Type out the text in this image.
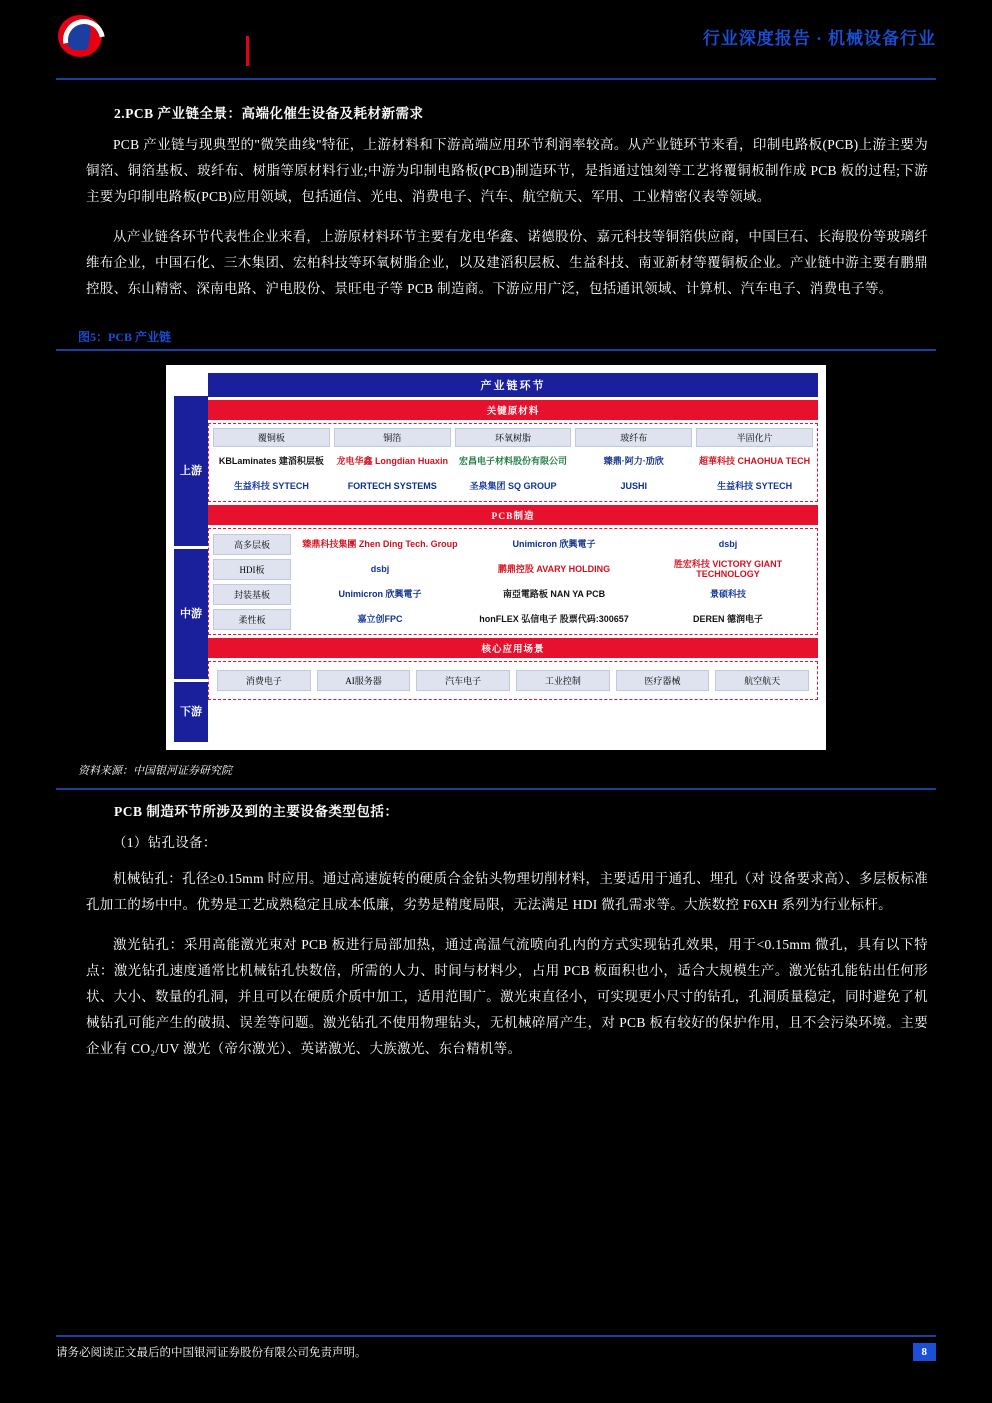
行业深度报告 · 机械设备行业
2.PCB 产业链全景：高端化催生设备及耗材新需求

PCB 产业链与现典型的"微笑曲线"特征，上游材料和下游高端应用环节利润率较高。从产业链环节来看，印制电路板(PCB)上游主要为铜箔、铜箔基板、玻纤布、树脂等原材料行业;中游为印制电路板(PCB)制造环节，是指通过蚀刻等工艺将覆铜板制作成 PCB 板的过程;下游主要为印制电路板(PCB)应用领域，包括通信、光电、消费电子、汽车、航空航天、军用、工业精密仪表等领域。

从产业链各环节代表性企业来看，上游原材料环节主要有龙电华鑫、诺德股份、嘉元科技等铜箔供应商，中国巨石、长海股份等玻璃纤维布企业，中国石化、三木集团、宏柏科技等环氧树脂企业，以及建滔积层板、生益科技、南亚新材等覆铜板企业。产业链中游主要有鹏鼎控股、东山精密、深南电路、沪电股份、景旺电子等 PCB 制造商。下游应用广泛，包括通讯领域、计算机、汽车电子、消费电子等。

图5：PCB 产业链
上游
中游
下游
产业链环节
关键原材料
覆铜板	铜箔	环氧树脂	玻纤布	半固化片
KBLaminates 建滔积层板	龙电华鑫 Longdian Huaxin	宏昌电子材料股份有限公司	臻鼎·阿力·劢欣	超華科技 CHAOHUA TECH
生益科技 SYTECH	FORTECH SYSTEMS	圣泉集团 SQ GROUP	JUSHI	生益科技 SYTECH
PCB制造
高多层板	臻鼎科技集團 Zhen Ding Tech. Group	Unimicron 欣興電子	dsbj
HDI板	dsbj	鹏鼎控股 AVARY HOLDING	胜宏科技 VICTORY GIANT TECHNOLOGY
封装基板	Unimicron 欣興電子	南亞電路板 NAN YA PCB	景硕科技
柔性板	嘉立创FPC	honFLEX 弘信电子 股票代码:300657	DEREN 德润电子
核心应用场景
消费电子	AI服务器	汽车电子	工业控制	医疗器械	航空航天
资料来源：中国银河证券研究院
PCB 制造环节所涉及到的主要设备类型包括：

（1）钻孔设备：

机械钻孔：孔径≥0.15mm 时应用。通过高速旋转的硬质合金钻头物理切削材料，主要适用于通孔、埋孔（对 设备要求高）、多层板标准孔加工的场中中。优势是工艺成熟稳定且成本低廉，劣势是精度局限，无法满足 HDI 微孔需求等。大族数控 F6XH 系列为行业标杆。

激光钻孔：采用高能激光束对 PCB 板进行局部加热，通过高温气流喷向孔内的方式实现钻孔效果，用于<0.15mm 微孔，具有以下特点：激光钻孔速度通常比机械钻孔快数倍，所需的人力、时间与材料少，占用 PCB 板面积也小，适合大规模生产。激光钻孔能钻出任何形状、大小、数量的孔洞，并且可以在硬质介质中加工，适用范围广。激光束直径小，可实现更小尺寸的钻孔，孔洞质量稳定，同时避免了机械钻孔可能产生的破损、误差等问题。激光钻孔不使用物理钻头，无机械碎屑产生，对 PCB 板有较好的保护作用，且不会污染环境。主要企业有 CO₂/UV 激光（帝尔激光）、英诺激光、大族激光、东台精机等。

请务必阅读正文最后的中国银河证券股份有限公司免责声明。	8
